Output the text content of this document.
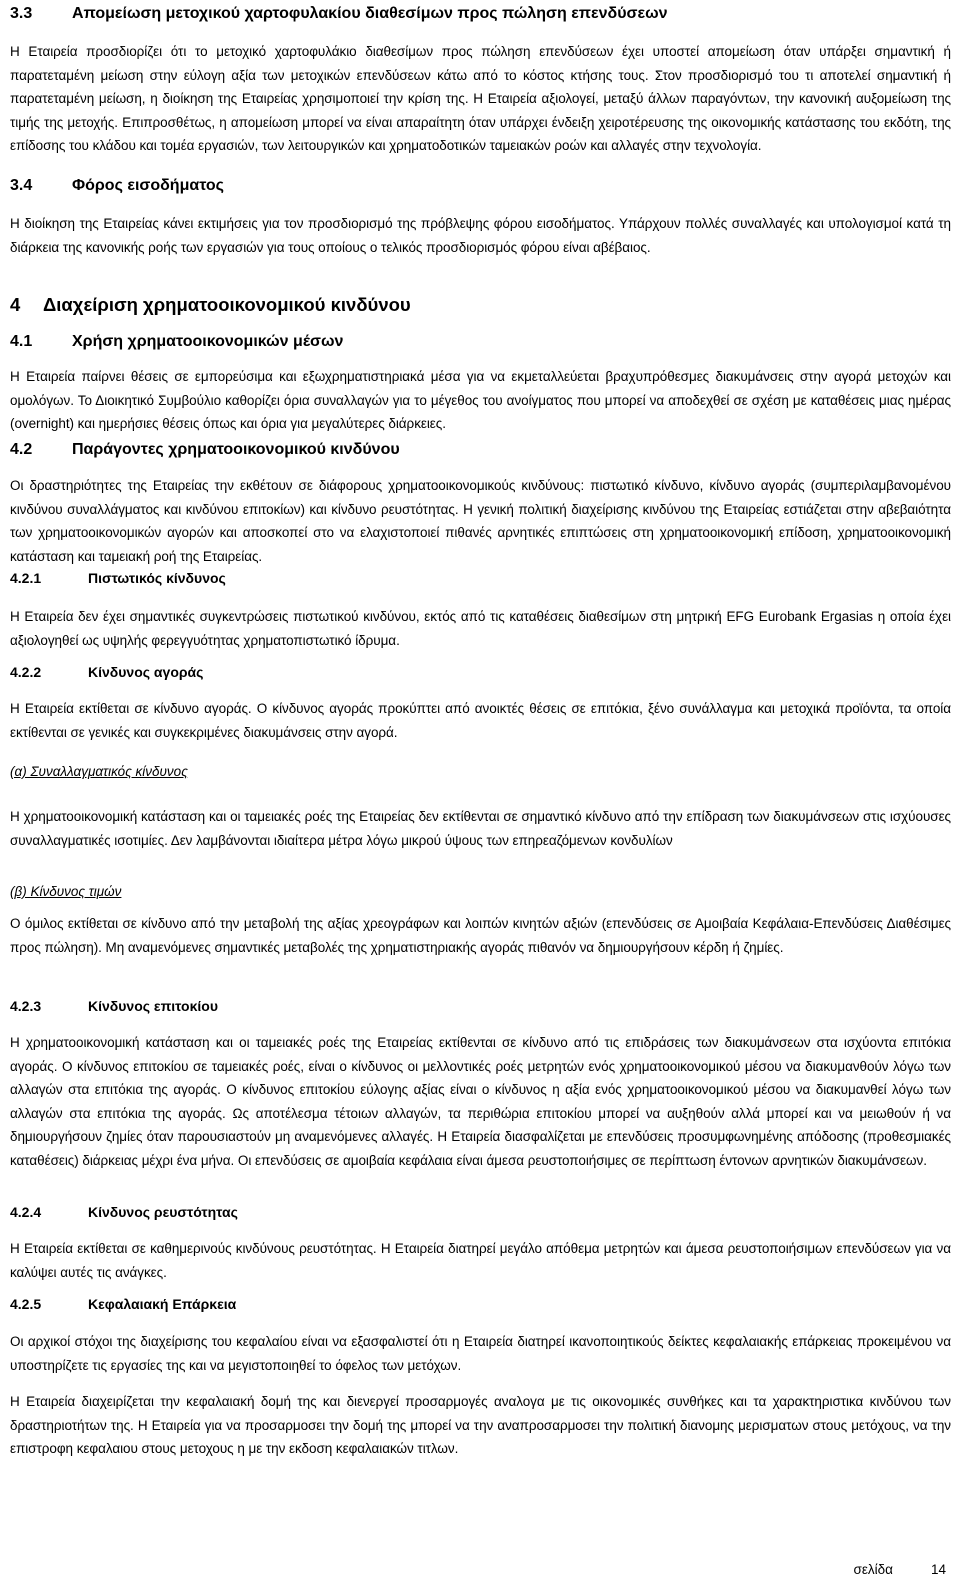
3.3 Απομείωση μετοχικού χαρτοφυλακίου διαθεσίμων προς πώληση επενδύσεων

Η Εταιρεία προσδιορίζει ότι το μετοχικό χαρτοφυλάκιο διαθεσίμων προς πώληση επενδύσεων έχει υποστεί απομείωση όταν υπάρξει σημαντική ή παρατεταμένη μείωση στην εύλογη αξία των μετοχικών επενδύσεων κάτω από το κόστος κτήσης τους. Στον προσδιορισμό του τι αποτελεί σημαντική ή παρατεταμένη μείωση, η διοίκηση της Εταιρείας χρησιμοποιεί την κρίση της. Η Εταιρεία αξιολογεί, μεταξύ άλλων παραγόντων, την κανονική αυξομείωση της τιμής της μετοχής. Επιπροσθέτως, η απομείωση μπορεί να είναι απαραίτητη όταν υπάρχει ένδειξη χειροτέρευσης της οικονομικής κατάστασης του εκδότη, της επίδοσης του κλάδου και τομέα εργασιών, των λειτουργικών και χρηματοδοτικών ταμειακών ροών και αλλαγές στην τεχνολογία.

3.4 Φόρος εισοδήματος

Η διοίκηση της Εταιρείας κάνει εκτιμήσεις για τον προσδιορισμό της πρόβλεψης φόρου εισοδήματος. Υπάρχουν πολλές συναλλαγές και υπολογισμοί κατά τη διάρκεια της κανονικής ροής των εργασιών για τους οποίους ο τελικός προσδιορισμός φόρου είναι αβέβαιος.

4 Διαχείριση χρηματοοικονομικού κινδύνου
4.1 Χρήση χρηματοοικονομικών μέσων

Η Εταιρεία παίρνει θέσεις σε εμπορεύσιμα και εξωχρηματιστηριακά μέσα για να εκμεταλλεύεται βραχυπρόθεσμες διακυμάνσεις στην αγορά μετοχών και ομολόγων. Το Διοικητικό Συμβούλιο καθορίζει όρια συναλλαγών για το μέγεθος του ανοίγματος που μπορεί να αποδεχθεί σε σχέση με καταθέσεις μιας ημέρας (overnight) και ημερήσιες θέσεις όπως και όρια για μεγαλύτερες διάρκειες.

4.2 Παράγοντες χρηματοοικονομικού κινδύνου

Οι δραστηριότητες της Εταιρείας την εκθέτουν σε διάφορους χρηματοοικονομικούς κινδύνους: πιστωτικό κίνδυνο, κίνδυνο αγοράς (συμπεριλαμβανομένου κινδύνου συναλλάγματος και κινδύνου επιτοκίων) και κίνδυνο ρευστότητας. Η γενική πολιτική διαχείρισης κινδύνου της Εταιρείας εστιάζεται στην αβεβαιότητα των χρηματοοικονομικών αγορών και αποσκοπεί στο να ελαχιστοποιεί πιθανές αρνητικές επιπτώσεις στη χρηματοοικονομική επίδοση, χρηματοοικονομική κατάσταση και ταμειακή ροή της Εταιρείας.

4.2.1	Πιστωτικός κίνδυνος

Η Εταιρεία δεν έχει σημαντικές συγκεντρώσεις πιστωτικού κινδύνου, εκτός από τις καταθέσεις διαθεσίμων στη μητρική EFG Eurobank Ergasias η οποία έχει αξιολογηθεί ως υψηλής φερεγγυότητας χρηματοπιστωτικό ίδρυμα.

4.2.2	Κίνδυνος αγοράς

Η Εταιρεία εκτίθεται σε κίνδυνο αγοράς. Ο κίνδυνος αγοράς προκύπτει από ανοικτές θέσεις σε επιτόκια, ξένο συνάλλαγμα και μετοχικά προϊόντα, τα οποία εκτίθενται σε γενικές και συγκεκριμένες διακυμάνσεις στην αγορά.

(α) Συναλλαγματικός κίνδυνος

Η χρηματοοικονομική κατάσταση και οι ταμειακές ροές της Εταιρείας δεν εκτίθενται σε σημαντικό κίνδυνο από την επίδραση των διακυμάνσεων στις ισχύουσες συναλλαγματικές ισοτιμίες. Δεν λαμβάνονται ιδιαίτερα μέτρα λόγω μικρού ύψους των επηρεαζόμενων κονδυλίων

(β) Κίνδυνος τιμών

Ο όμιλος εκτίθεται σε κίνδυνο από την μεταβολή της αξίας χρεογράφων και λοιπών κινητών αξιών (επενδύσεις σε Αμοιβαία Κεφάλαια-Επενδύσεις Διαθέσιμες προς πώληση). Μη αναμενόμενες σημαντικές μεταβολές της χρηματιστηριακής αγοράς πιθανόν να δημιουργήσουν κέρδη ή ζημίες.

4.2.3	Κίνδυνος επιτοκίου

Η χρηματοοικονομική κατάσταση και οι ταμειακές ροές της Εταιρείας εκτίθενται σε κίνδυνο από τις επιδράσεις των διακυμάνσεων στα ισχύοντα επιτόκια αγοράς. Ο κίνδυνος επιτοκίου σε ταμειακές ροές, είναι ο κίνδυνος οι μελλοντικές ροές μετρητών ενός χρηματοοικονομικού μέσου να διακυμανθούν λόγω των αλλαγών στα επιτόκια της αγοράς. Ο κίνδυνος επιτοκίου εύλογης αξίας είναι ο κίνδυνος η αξία ενός χρηματοοικονομικού μέσου να διακυμανθεί λόγω των αλλαγών στα επιτόκια της αγοράς. Ως αποτέλεσμα τέτοιων αλλαγών, τα περιθώρια επιτοκίου μπορεί να αυξηθούν αλλά μπορεί και να μειωθούν ή να δημιουργήσουν ζημίες όταν παρουσιαστούν μη αναμενόμενες αλλαγές. Η Εταιρεία διασφαλίζεται με επενδύσεις προσυμφωνημένης απόδοσης (προθεσμιακές καταθέσεις) διάρκειας μέχρι ένα μήνα. Οι επενδύσεις σε αμοιβαία κεφάλαια είναι άμεσα ρευστοποιήσιμες σε περίπτωση έντονων αρνητικών διακυμάνσεων.

4.2.4	Κίνδυνος ρευστότητας

Η Εταιρεία εκτίθεται σε καθημερινούς κινδύνους ρευστότητας. Η Εταιρεία διατηρεί μεγάλο απόθεμα μετρητών και άμεσα ρευστοποιήσιμων επενδύσεων για να καλύψει αυτές τις ανάγκες.

4.2.5	Κεφαλαιακή Επάρκεια

Οι αρχικοί στόχοι της διαχείρισης του κεφαλαίου είναι να εξασφαλιστεί ότι η Εταιρεία διατηρεί ικανοποιητικούς δείκτες κεφαλαιακής επάρκειας προκειμένου να υποστηρίζετε τις εργασίες της και να μεγιστοποιηθεί το όφελος των μετόχων.

Η Εταιρεία διαχειρίζεται την κεφαλαιακή δομή της και διενεργεί προσαρμογές αναλογα με τις οικονομικές συνθήκες και τα χαρακτηριστικα κινδύνου των δραστηριοτήτων της. Η Εταιρεία για να προσαρμοσει την δομή της μπορεί να την αναπροσαρμοσει την πολιτική διανομης μερισματων στους μετόχους, να την επιστροφη κεφαλαιου στους μετοχους η με την εκδοση κεφαλαιακών τιτλων.

σελίδα	14
